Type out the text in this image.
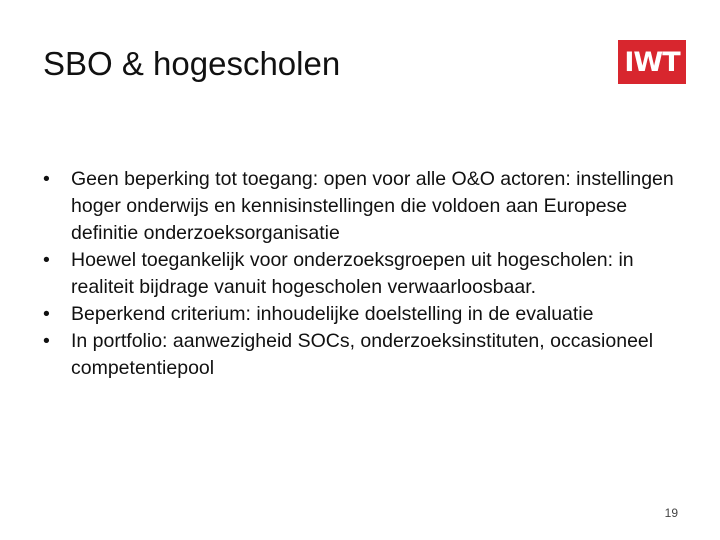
SBO & hogescholen	IWT
• Geen beperking tot toegang: open voor alle O&O actoren: instellingen hoger onderwijs en kennisinstellingen die voldoen aan Europese definitie onderzoeksorganisatie
• Hoewel toegankelijk voor onderzoeksgroepen uit hogescholen: in realiteit bijdrage vanuit hogescholen verwaarloosbaar.
• Beperkend criterium: inhoudelijke doelstelling in de evaluatie
• In portfolio: aanwezigheid SOCs, onderzoeksinstituten, occasioneel competentiepool
19
